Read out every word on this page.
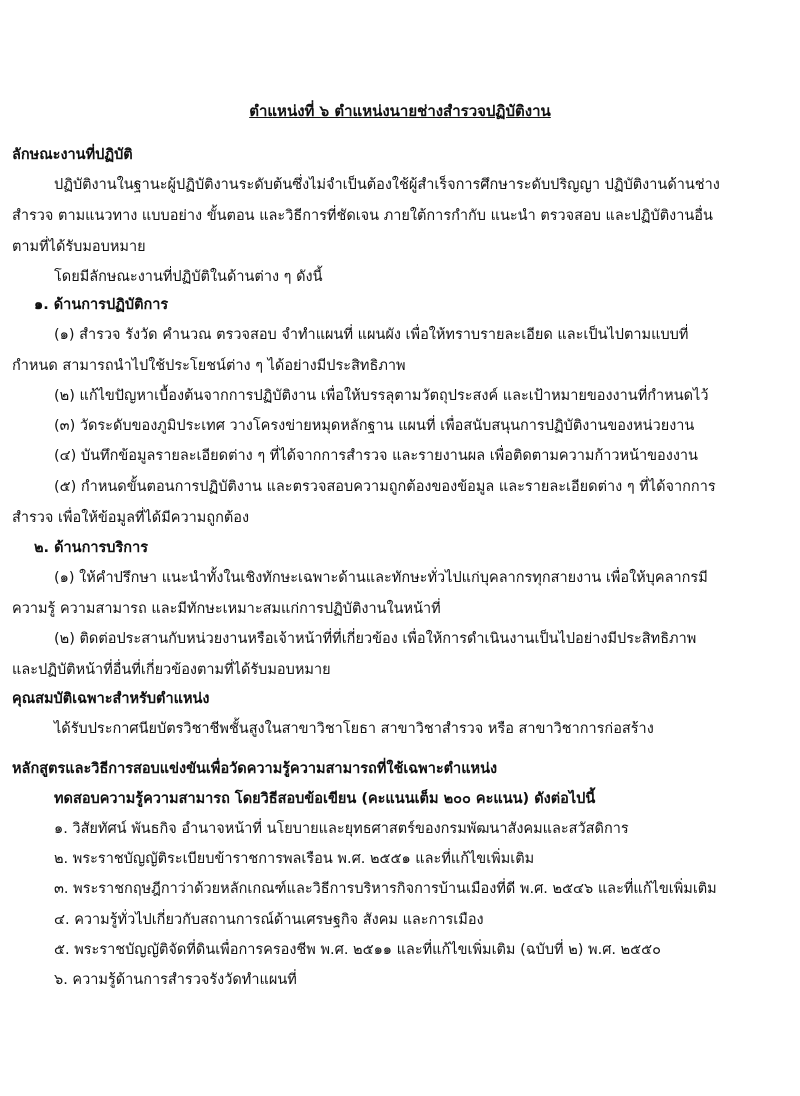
ตำแหน่งที่ ๖ ตำแหน่งนายช่างสำรวจปฏิบัติงาน
ลักษณะงานที่ปฏิบัติ
ปฏิบัติงานในฐานะผู้ปฏิบัติงานระดับต้นซึ่งไม่จำเป็นต้องใช้ผู้สำเร็จการศึกษาระดับปริญญา ปฏิบัติงานด้านช่าง
สำรวจ ตามแนวทาง แบบอย่าง ขั้นตอน และวิธีการที่ชัดเจน ภายใต้การกำกับ แนะนำ ตรวจสอบ และปฏิบัติงานอื่น
ตามที่ได้รับมอบหมาย
โดยมีลักษณะงานที่ปฏิบัติในด้านต่าง ๆ ดังนี้
๑. ด้านการปฏิบัติการ
(๑) สำรวจ รังวัด คำนวณ ตรวจสอบ จำทำแผนที่ แผนผัง เพื่อให้ทราบรายละเอียด และเป็นไปตามแบบที่
กำหนด สามารถนำไปใช้ประโยชน์ต่าง ๆ ได้อย่างมีประสิทธิภาพ
(๒) แก้ไขปัญหาเบื้องต้นจากการปฏิบัติงาน เพื่อให้บรรลุตามวัตถุประสงค์ และเป้าหมายของงานที่กำหนดไว้
(๓) วัดระดับของภูมิประเทศ วางโครงข่ายหมุดหลักฐาน แผนที่ เพื่อสนับสนุนการปฏิบัติงานของหน่วยงาน
(๔) บันทึกข้อมูลรายละเอียดต่าง ๆ ที่ได้จากการสำรวจ และรายงานผล เพื่อติดตามความก้าวหน้าของงาน
(๕) กำหนดขั้นตอนการปฏิบัติงาน และตรวจสอบความถูกต้องของข้อมูล และรายละเอียดต่าง ๆ ที่ได้จากการ
สำรวจ เพื่อให้ข้อมูลที่ได้มีความถูกต้อง
๒. ด้านการบริการ
(๑) ให้คำปรึกษา แนะนำทั้งในเชิงทักษะเฉพาะด้านและทักษะทั่วไปแก่บุคลากรทุกสายงาน เพื่อให้บุคลากรมี
ความรู้ ความสามารถ และมีทักษะเหมาะสมแก่การปฏิบัติงานในหน้าที่
(๒) ติดต่อประสานกับหน่วยงานหรือเจ้าหน้าที่ที่เกี่ยวข้อง เพื่อให้การดำเนินงานเป็นไปอย่างมีประสิทธิภาพ
และปฏิบัติหน้าที่อื่นที่เกี่ยวข้องตามที่ได้รับมอบหมาย
คุณสมบัติเฉพาะสำหรับตำแหน่ง
ได้รับประกาศนียบัตรวิชาชีพชั้นสูงในสาขาวิชาโยธา สาขาวิชาสำรวจ หรือ สาขาวิชาการก่อสร้าง
หลักสูตรและวิธีการสอบแข่งขันเพื่อวัดความรู้ความสามารถที่ใช้เฉพาะตำแหน่ง
ทดสอบความรู้ความสามารถ โดยวิธีสอบข้อเขียน (คะแนนเต็ม ๒๐๐ คะแนน) ดังต่อไปนี้
๑. วิสัยทัศน์ พันธกิจ อำนาจหน้าที่ นโยบายและยุทธศาสตร์ของกรมพัฒนาสังคมและสวัสดิการ
๒. พระราชบัญญัติระเบียบข้าราชการพลเรือน พ.ศ. ๒๕๕๑ และที่แก้ไขเพิ่มเติม
๓. พระราชกฤษฎีกาว่าด้วยหลักเกณฑ์และวิธีการบริหารกิจการบ้านเมืองที่ดี พ.ศ. ๒๕๔๖ และที่แก้ไขเพิ่มเติม
๔. ความรู้ทั่วไปเกี่ยวกับสถานการณ์ด้านเศรษฐกิจ สังคม และการเมือง
๕. พระราชบัญญัติจัดที่ดินเพื่อการครองชีพ พ.ศ. ๒๕๑๑ และที่แก้ไขเพิ่มเติม (ฉบับที่ ๒) พ.ศ. ๒๕๕๐
๖. ความรู้ด้านการสำรวจรังวัดทำแผนที่
